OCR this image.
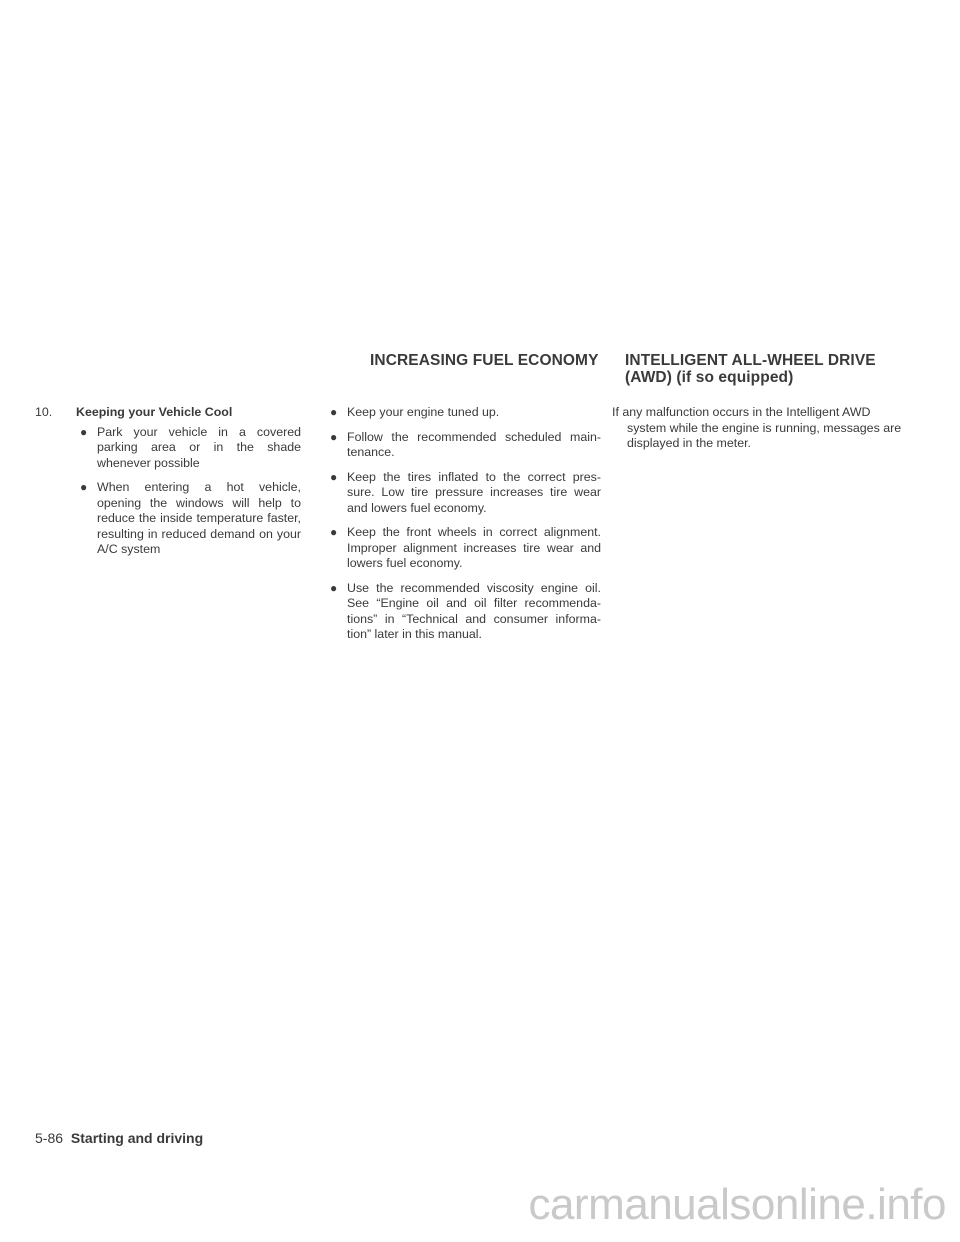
INCREASING FUEL ECONOMY INTELLIGENT ALL-WHEEL DRIVE
(AWD) (if so equipped)
10.	Keeping your Vehicle Cool
● Park your vehicle in a covered parking area or in the shade whenever possible
● When entering a hot vehicle, opening the windows will help to reduce the inside temperature faster, resulting in reduced demand on your A/C system
● Keep your engine tuned up.
● Follow the recommended scheduled main-tenance.
● Keep the tires inflated to the correct pres-sure. Low tire pressure increases tire wear and lowers fuel economy.
● Keep the front wheels in correct alignment. Improper alignment increases tire wear and lowers fuel economy.
● Use the recommended viscosity engine oil. See “Engine oil and oil filter recommenda-tions” in “Technical and consumer informa-tion” later in this manual.

If any malfunction occurs in the Intelligent AWD
system while the engine is running, messages are displayed in the meter.

5-86 Starting and driving
carmanualsonline.info
